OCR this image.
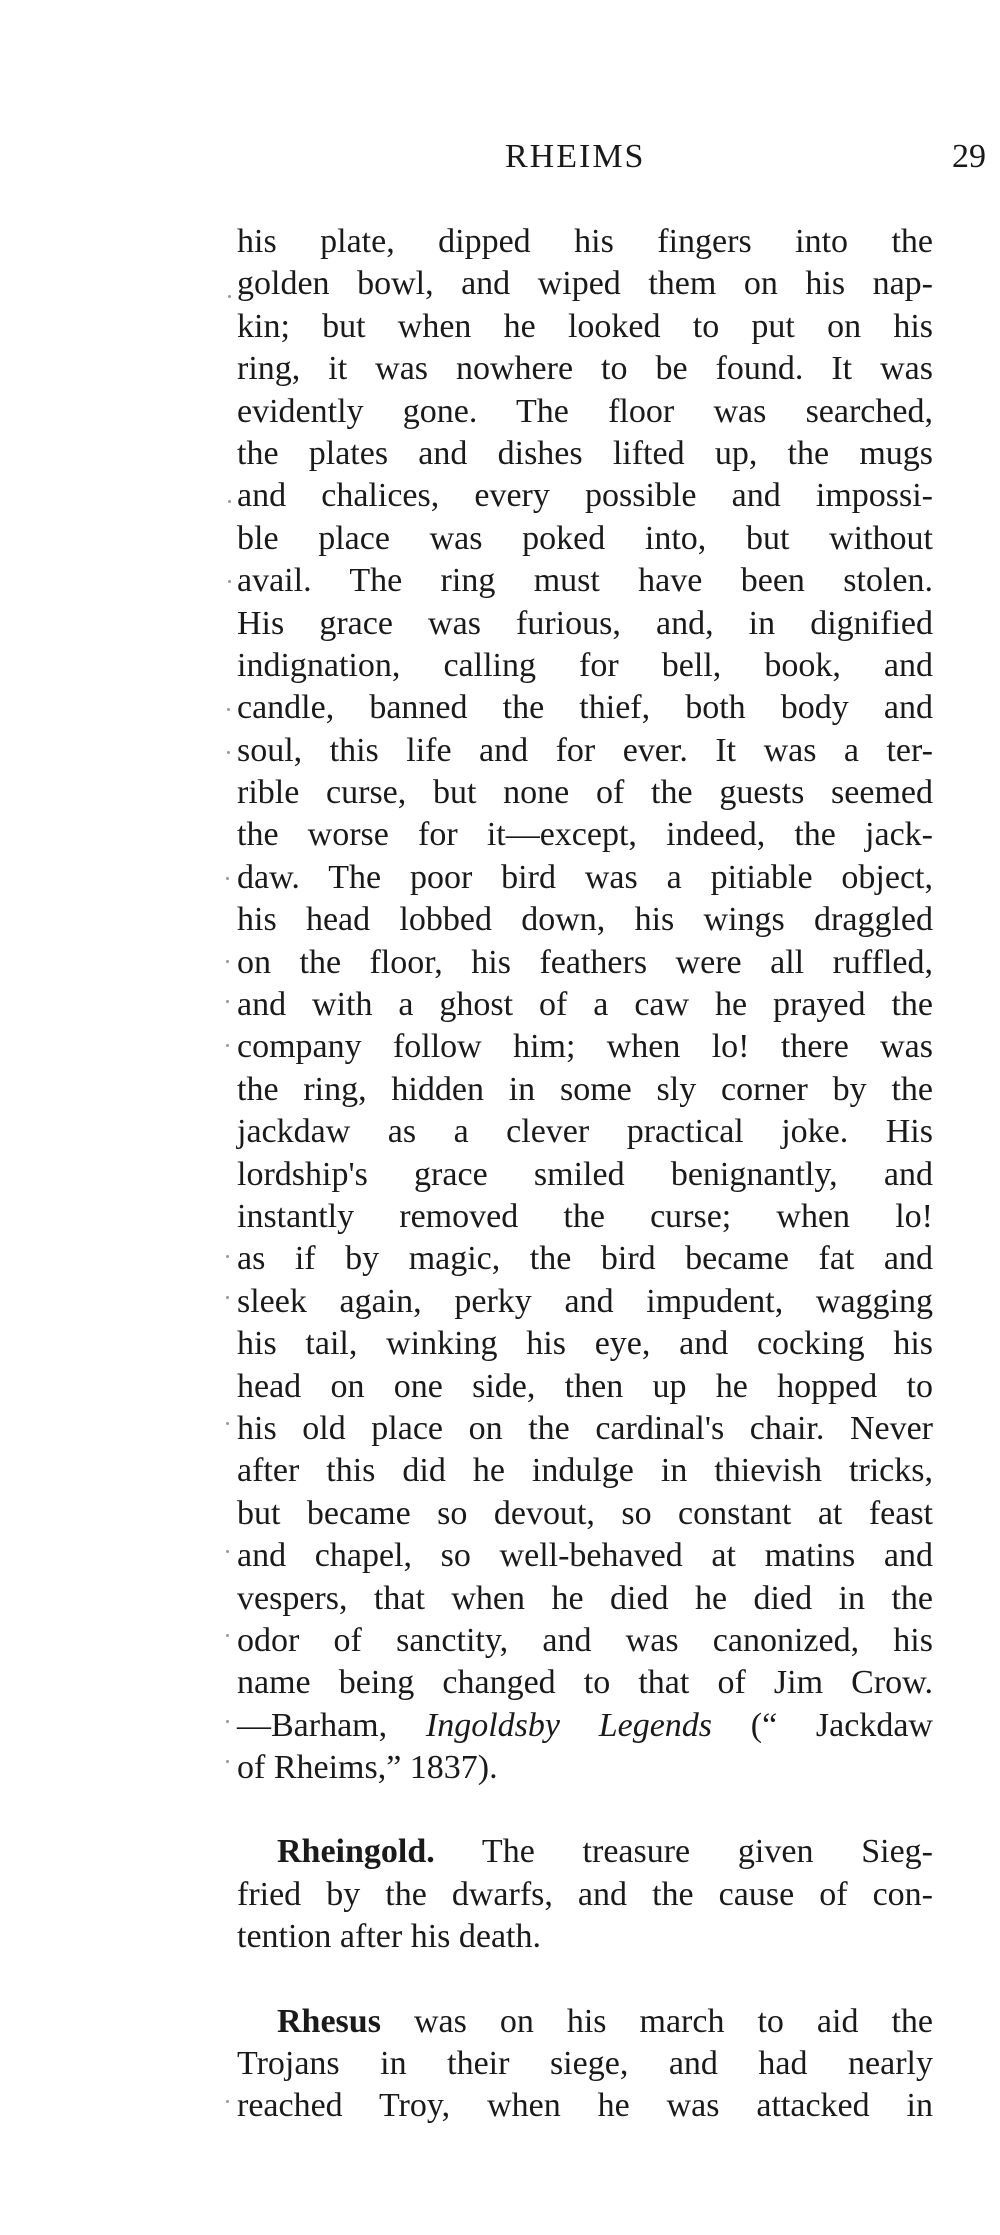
RHEIMS	29
his plate, dipped his fingers into the
golden bowl, and wiped them on his nap-
kin; but when he looked to put on his
ring, it was nowhere to be found. It was
evidently gone. The floor was searched,
the plates and dishes lifted up, the mugs
and chalices, every possible and impossi-
ble place was poked into, but without
avail. The ring must have been stolen.
His grace was furious, and, in dignified
indignation, calling for bell, book, and
candle, banned the thief, both body and
soul, this life and for ever. It was a ter-
rible curse, but none of the guests seemed
the worse for it—except, indeed, the jack-
daw. The poor bird was a pitiable object,
his head lobbed down, his wings draggled
on the floor, his feathers were all ruffled,
and with a ghost of a caw he prayed the
company follow him; when lo! there was
the ring, hidden in some sly corner by the
jackdaw as a clever practical joke. His
lordship's grace smiled benignantly, and
instantly removed the curse; when lo!
as if by magic, the bird became fat and
sleek again, perky and impudent, wagging
his tail, winking his eye, and cocking his
head on one side, then up he hopped to
his old place on the cardinal's chair. Never
after this did he indulge in thievish tricks,
but became so devout, so constant at feast
and chapel, so well-behaved at matins and
vespers, that when he died he died in the
odor of sanctity, and was canonized, his
name being changed to that of Jim Crow.
—Barham, Ingoldsby Legends (“ Jackdaw
of Rheims,” 1837).
Rheingold. The treasure given Sieg-
fried by the dwarfs, and the cause of con-
tention after his death.
Rhesus was on his march to aid the
Trojans in their siege, and had nearly
reached Troy, when he was attacked in
